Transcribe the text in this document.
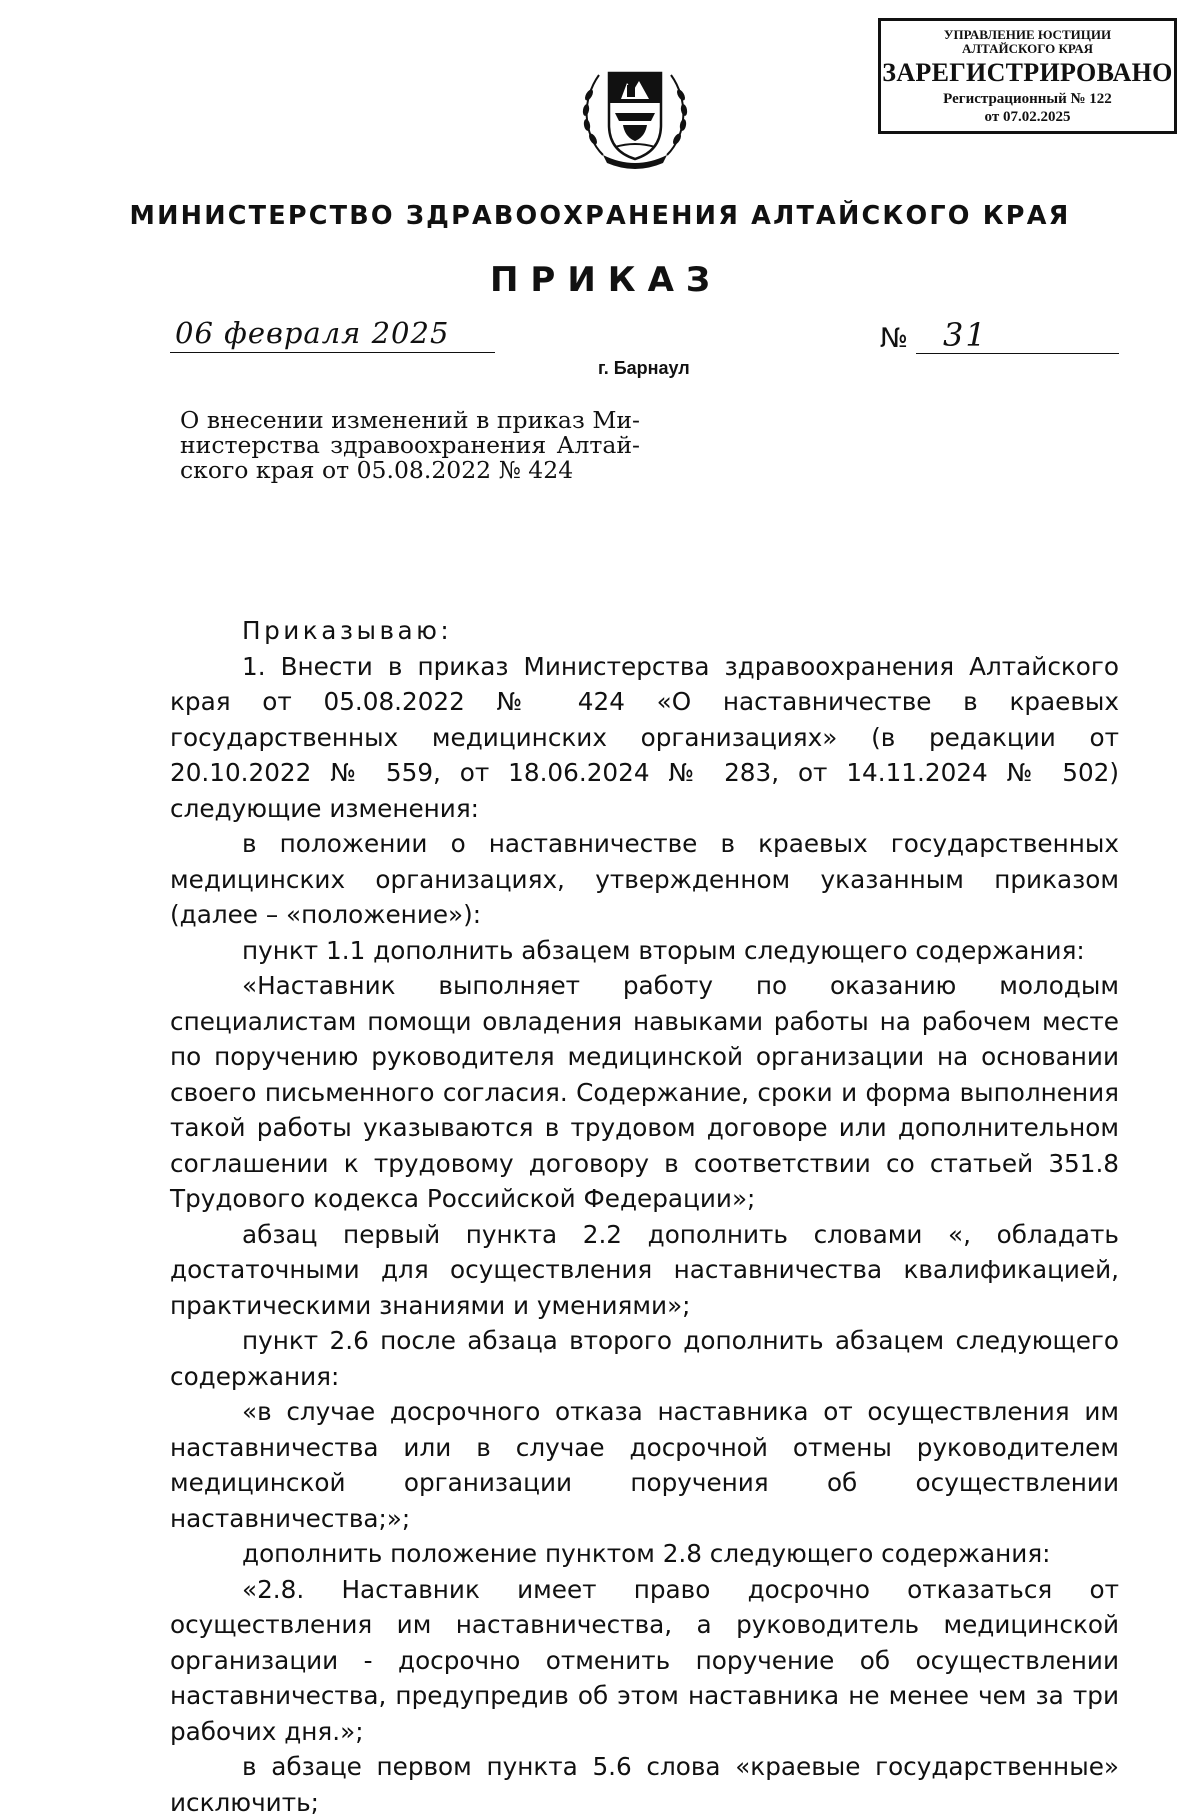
УПРАВЛЕНИЕ ЮСТИЦИИ
АЛТАЙСКОГО КРАЯ
ЗАРЕГИСТРИРОВАНО
Регистрационный № 122
от 07.02.2025
МИНИСТЕРСТВО ЗДРАВООХРАНЕНИЯ АЛТАЙСКОГО КРАЯ
ПРИКАЗ
06 февраля 2025
г. Барнаул
№ 31
О внесении изменений в приказ Ми-
нистерства здравоохранения Алтай-
ского края от 05.08.2022 № 424

Приказываю:

1. Внести в приказ Министерства здравоохранения Алтайского края от 05.08.2022 № 424 «О наставничестве в краевых государственных медицинских организациях» (в редакции от 20.10.2022 № 559, от 18.06.2024 № 283, от 14.11.2024 № 502) следующие изменения:

в положении о наставничестве в краевых государственных медицинских организациях, утвержденном указанным приказом (далее – «положение»):

пункт 1.1 дополнить абзацем вторым следующего содержания:

«Наставник выполняет работу по оказанию молодым специалистам помощи овладения навыками работы на рабочем месте по поручению руководителя медицинской организации на основании своего письменного согласия. Содержание, сроки и форма выполнения такой работы указываются в трудовом договоре или дополнительном соглашении к трудовому договору в соответствии со статьей 351.8 Трудового кодекса Российской Федерации»;

абзац первый пункта 2.2 дополнить словами «, обладать достаточными для осуществления наставничества квалификацией, практическими знаниями и умениями»;

пункт 2.6 после абзаца второго дополнить абзацем следующего содержания:

«в случае досрочного отказа наставника от осуществления им наставничества или в случае досрочной отмены руководителем медицинской организации поручения об осуществлении наставничества;»;

дополнить положение пунктом 2.8 следующего содержания:

«2.8. Наставник имеет право досрочно отказаться от осуществления им наставничества, а руководитель медицинской организации - досрочно отменить поручение об осуществлении наставничества, предупредив об этом наставника не менее чем за три рабочих дня.»;

в абзаце первом пункта 5.6 слова «краевые государственные» исключить;
